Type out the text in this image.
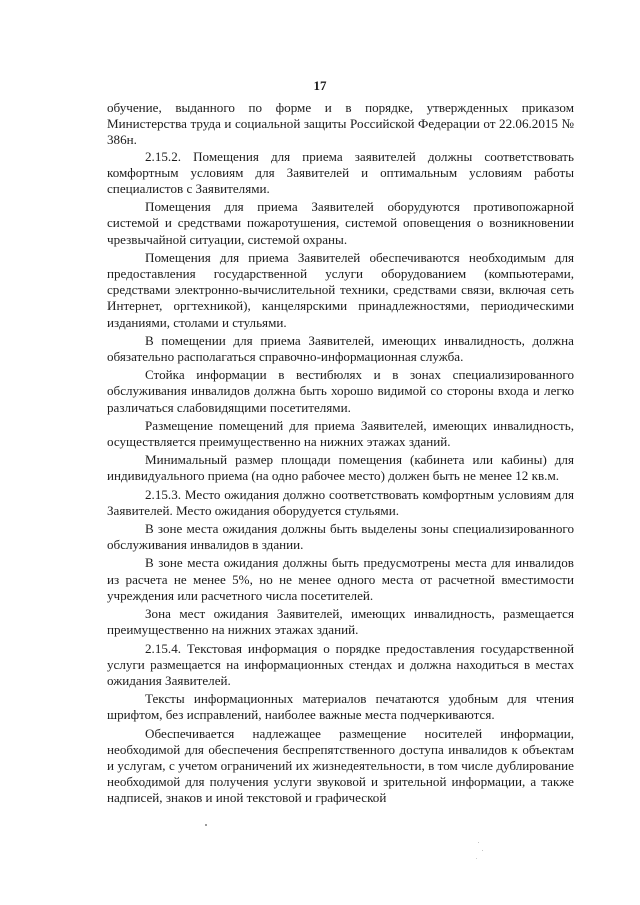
17

обучение, выданного по форме и в порядке, утвержденных приказом Министерства труда и социальной защиты Российской Федерации от 22.06.2015 № 386н.

2.15.2. Помещения для приема заявителей должны соответствовать комфортным условиям для Заявителей и оптимальным условиям работы специалистов с Заявителями.

Помещения для приема Заявителей оборудуются противопожарной системой и средствами пожаротушения, системой оповещения о возникновении чрезвычайной ситуации, системой охраны.

Помещения для приема Заявителей обеспечиваются необходимым для предоставления государственной услуги оборудованием (компьютерами, средствами электронно-вычислительной техники, средствами связи, включая сеть Интернет, оргтехникой), канцелярскими принадлежностями, периодическими изданиями, столами и стульями.

В помещении для приема Заявителей, имеющих инвалидность, должна обязательно располагаться справочно-информационная служба.

Стойка информации в вестибюлях и в зонах специализированного обслуживания инвалидов должна быть хорошо видимой со стороны входа и легко различаться слабовидящими посетителями.

Размещение помещений для приема Заявителей, имеющих инвалидность, осуществляется преимущественно на нижних этажах зданий.

Минимальный размер площади помещения (кабинета или кабины) для индивидуального приема (на одно рабочее место) должен быть не менее 12 кв.м.

2.15.3. Место ожидания должно соответствовать комфортным условиям для Заявителей. Место ожидания оборудуется стульями.

В зоне места ожидания должны быть выделены зоны специализированного обслуживания инвалидов в здании.

В зоне места ожидания должны быть предусмотрены места для инвалидов из расчета не менее 5%, но не менее одного места от расчетной вместимости учреждения или расчетного числа посетителей.

Зона мест ожидания Заявителей, имеющих инвалидность, размещается преимущественно на нижних этажах зданий.

2.15.4. Текстовая информация о порядке предоставления государственной услуги размещается на информационных стендах и должна находиться в местах ожидания Заявителей.

Тексты информационных материалов печатаются удобным для чтения шрифтом, без исправлений, наиболее важные места подчеркиваются.

Обеспечивается надлежащее размещение носителей информации, необходимой для обеспечения беспрепятственного доступа инвалидов к объектам и услугам, с учетом ограничений их жизнедеятельности, в том числе дублирование необходимой для получения услуги звуковой и зрительной информации, а также надписей, знаков и иной текстовой и графической
